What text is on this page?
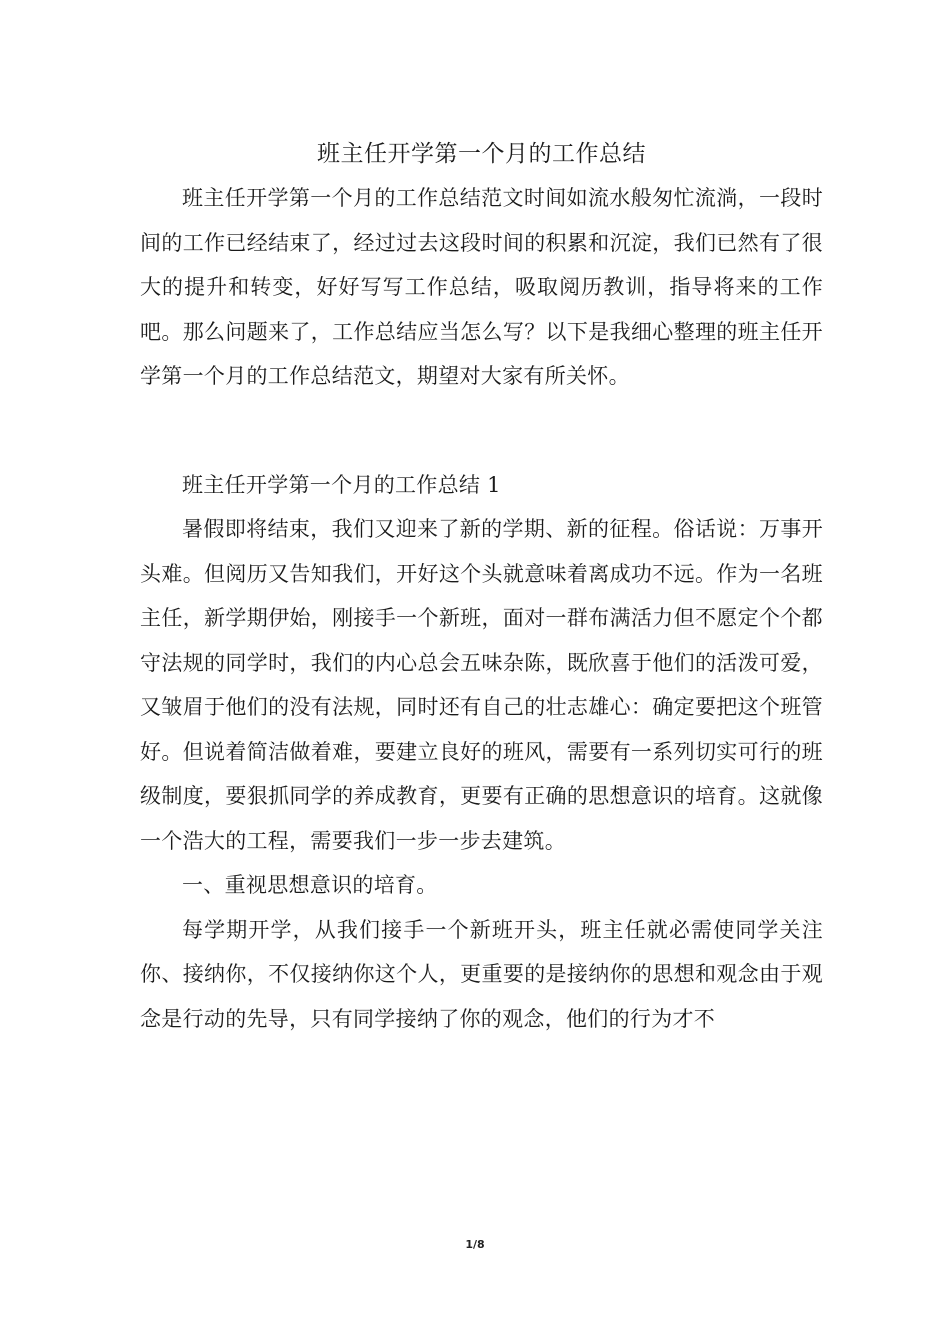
班主任开学第一个月的工作总结

班主任开学第一个月的工作总结范文时间如流水般匆忙流淌，一段时间的工作已经结束了，经过过去这段时间的积累和沉淀，我们已然有了很大的提升和转变，好好写写工作总结，吸取阅历教训，指导将来的工作吧。那么问题来了，工作总结应当怎么写？以下是我细心整理的班主任开学第一个月的工作总结范文，期望对大家有所关怀。

班主任开学第一个月的工作总结 1

暑假即将结束，我们又迎来了新的学期、新的征程。俗话说：万事开头难。但阅历又告知我们，开好这个头就意味着离成功不远。作为一名班主任，新学期伊始，刚接手一个新班，面对一群布满活力但不愿定个个都守法规的同学时，我们的内心总会五味杂陈，既欣喜于他们的活泼可爱，又皱眉于他们的没有法规，同时还有自己的壮志雄心：确定要把这个班管好。但说着简洁做着难，要建立良好的班风，需要有一系列切实可行的班级制度，要狠抓同学的养成教育，更要有正确的思想意识的培育。这就像一个浩大的工程，需要我们一步一步去建筑。

一、重视思想意识的培育。

每学期开学，从我们接手一个新班开头，班主任就必需使同学关注你、接纳你，不仅接纳你这个人，更重要的是接纳你的思想和观念由于观念是行动的先导，只有同学接纳了你的观念，他们的行为才不

1/8
